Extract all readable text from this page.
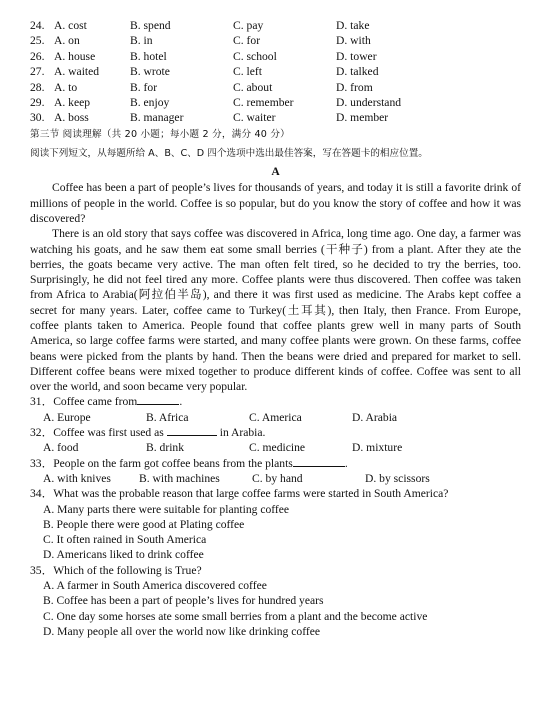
24. A. cost	B. spend	C. pay	D. take
25. A. on	B. in	C. for	D. with
26. A. house	B. hotel	C. school	D. tower
27. A. waited	B. wrote	C. left	D. talked
28. A. to	B. for	C. about	D. from
29. A. keep	B. enjoy	C. remember	D. understand
30. A. boss	B. manager	C. waiter	D. member
第三节 阅读理解（共 20 小题；每小题 2 分，满分 40 分）
阅读下列短文，从每题所给 A、B、C、D 四个选项中选出最佳答案，写在答题卡的相应位置。
A

Coffee has been a part of people’s lives for thousands of years, and today it is still a favorite drink of millions of people in the world. Coffee is so popular, but do you know the story of coffee and how it was discovered?

There is an old story that says coffee was discovered in Africa, long time ago. One day, a farmer was watching his goats, and he saw them eat some small berries (干种子) from a plant. After they ate the berries, the goats became very active. The man often felt tired, so he decided to try the berries, too. Surprisingly, he did not feel tired any more. Coffee plants were thus discovered. Then coffee was taken from Africa to Arabia(阿拉伯半岛), and there it was first used as medicine. The Arabs kept coffee a secret for many years. Later, coffee came to Turkey(土耳其), then Italy, then France. From Europe, coffee plants taken to America. People found that coffee plants grew well in many parts of South America, so large coffee farms were started, and many coffee plants were grown. On these farms, coffee beans were picked from the plants by hand. Then the beans were dried and prepared for market to sell. Different coffee beans were mixed together to produce different kinds of coffee. Coffee was sent to all over the world, and soon became very popular.

31．Coffee came from	.
A. Europe	B. Africa	C. America	D. Arabia
32．Coffee was first used as	in Arabia.
A. food	B. drink	C. medicine	D. mixture
33．People on the farm got coffee beans from the plants	.
A. with knives	B. with machines	C. by hand	D. by scissors
34．What was the probable reason that large coffee farms were started in South America?
A. Many parts there were suitable for planting coffee
B. People there were good at Plating coffee
C. It often rained in South America
D. Americans liked to drink coffee
35．Which of the following is True?
A. A farmer in South America discovered coffee
B. Coffee has been a part of people’s lives for hundred years
C. One day some horses ate some small berries from a plant and the become active
D. Many people all over the world now like drinking coffee
